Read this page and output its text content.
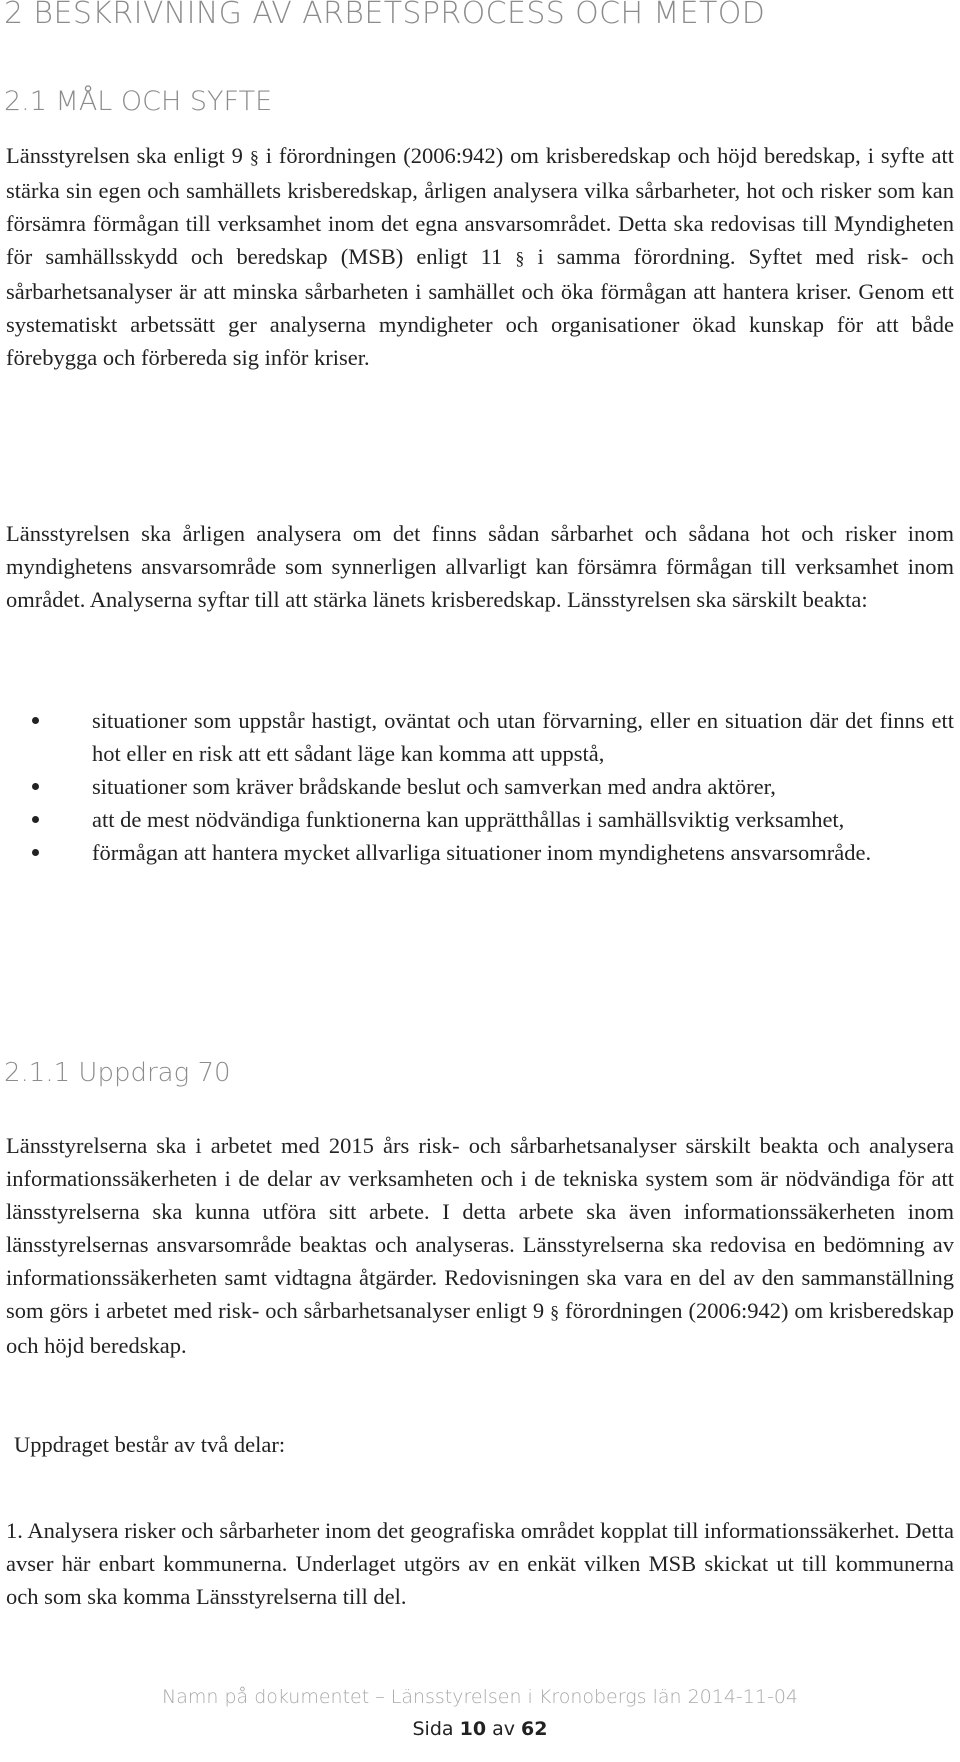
2 BESKRIVNING AV ARBETSPROCESS OCH METOD
2.1 MÅL OCH SYFTE
Länsstyrelsen ska enligt 9 § i förordningen (2006:942) om krisberedskap och höjd beredskap, i syfte att stärka sin egen och samhällets krisberedskap, årligen analysera vilka sårbarheter, hot och risker som kan försämra förmågan till verksamhet inom det egna ansvarsområdet. Detta ska redovisas till Myndigheten för samhällsskydd och beredskap (MSB) enligt 11 § i samma förordning. Syftet med risk- och sårbarhetsanalyser är att minska sårbarheten i samhället och öka förmågan att hantera kriser. Genom ett systematiskt arbetssätt ger analyserna myndigheter och organisationer ökad kunskap för att både förebygga och förbereda sig inför kriser.
Länsstyrelsen ska årligen analysera om det finns sådan sårbarhet och sådana hot och risker inom myndighetens ansvarsområde som synnerligen allvarligt kan försämra förmågan till verksamhet inom området. Analyserna syftar till att stärka länets krisberedskap. Länsstyrelsen ska särskilt beakta:
situationer som uppstår hastigt, oväntat och utan förvarning, eller en situation där det finns ett hot eller en risk att ett sådant läge kan komma att uppstå,
situationer som kräver brådskande beslut och samverkan med andra aktörer,
att de mest nödvändiga funktionerna kan upprätthållas i samhällsviktig verksamhet,
förmågan att hantera mycket allvarliga situationer inom myndighetens ansvarsområde.
2.1.1 Uppdrag 70
Länsstyrelserna ska i arbetet med 2015 års risk- och sårbarhetsanalyser särskilt beakta och analysera informationssäkerheten i de delar av verksamheten och i de tekniska system som är nödvändiga för att länsstyrelserna ska kunna utföra sitt arbete. I detta arbete ska även informationssäkerheten inom länsstyrelsernas ansvarsområde beaktas och analyseras. Länsstyrelserna ska redovisa en bedömning av informationssäkerheten samt vidtagna åtgärder. Redovisningen ska vara en del av den sammanställning som görs i arbetet med risk- och sårbarhetsanalyser enligt 9 § förordningen (2006:942) om krisberedskap och höjd beredskap.
Uppdraget består av två delar:
1. Analysera risker och sårbarheter inom det geografiska området kopplat till informationssäkerhet. Detta avser här enbart kommunerna. Underlaget utgörs av en enkät vilken MSB skickat ut till kommunerna och som ska komma Länsstyrelserna till del.
Namn på dokumentet – Länsstyrelsen i Kronobergs län 2014-11-04
Sida 10 av 62
